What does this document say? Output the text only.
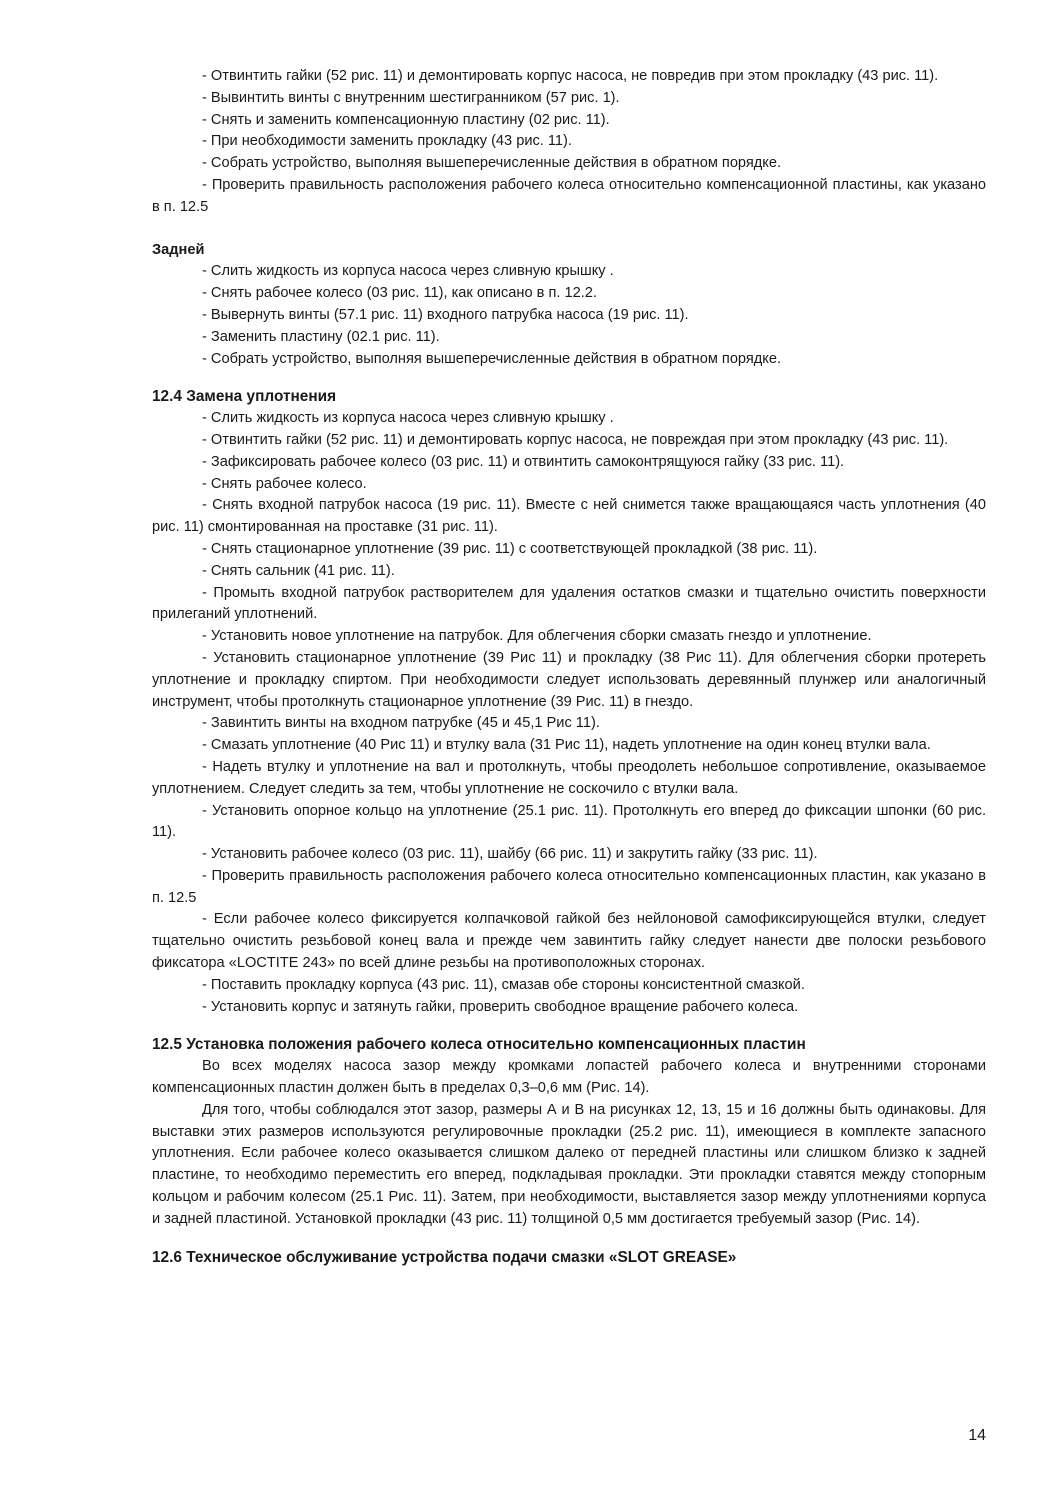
- Отвинтить гайки (52 рис. 11) и демонтировать корпус насоса, не повредив при этом прокладку (43 рис. 11).

- Вывинтить винты с внутренним шестигранником (57 рис. 1).

- Снять и заменить компенсационную пластину (02 рис. 11).

- При необходимости заменить прокладку (43 рис. 11).

- Собрать устройство, выполняя вышеперечисленные действия в обратном порядке.

- Проверить правильность расположения рабочего колеса относительно компенсационной пластины, как указано в п. 12.5

Задней

- Слить жидкость из корпуса насоса через сливную крышку .

- Снять рабочее колесо (03 рис. 11), как описано в п. 12.2.

- Вывернуть винты (57.1 рис. 11) входного патрубка насоса (19 рис. 11).

- Заменить пластину (02.1 рис. 11).

- Собрать устройство, выполняя вышеперечисленные действия в обратном порядке.

12.4 Замена уплотнения

- Слить жидкость из корпуса насоса через сливную крышку .

- Отвинтить гайки (52 рис. 11) и демонтировать корпус насоса, не повреждая при этом прокладку (43 рис. 11).

- Зафиксировать рабочее колесо (03 рис. 11) и отвинтить самоконтрящуюся гайку (33 рис. 11).

- Снять рабочее колесо.

- Снять входной патрубок насоса (19 рис. 11). Вместе с ней снимется также вращающаяся часть уплотнения (40 рис. 11) смонтированная на проставке (31 рис. 11).

- Снять стационарное уплотнение (39 рис. 11) с соответствующей прокладкой (38 рис. 11).

- Снять сальник (41 рис. 11).

- Промыть входной патрубок растворителем для удаления остатков смазки и тщательно очистить поверхности прилеганий уплотнений.

- Установить новое уплотнение на патрубок. Для облегчения сборки смазать гнездо и уплотнение.

- Установить стационарное уплотнение (39 Рис 11) и прокладку (38 Рис 11). Для облегчения сборки протереть уплотнение и прокладку спиртом. При необходимости следует использовать деревянный плунжер или аналогичный инструмент, чтобы протолкнуть стационарное уплотнение (39 Рис. 11) в гнездо.

- Завинтить винты на входном патрубке (45 и 45,1 Рис 11).

- Смазать уплотнение (40 Рис 11) и втулку вала (31 Рис 11), надеть уплотнение на один конец втулки вала.

- Надеть втулку и уплотнение на вал и протолкнуть, чтобы преодолеть небольшое сопротивление, оказываемое уплотнением. Следует следить за тем, чтобы уплотнение не соскочило с втулки вала.

- Установить опорное кольцо на уплотнение (25.1 рис. 11). Протолкнуть его вперед до фиксации шпонки (60 рис. 11).

- Установить рабочее колесо (03 рис. 11), шайбу (66 рис. 11) и закрутить гайку (33 рис. 11).

- Проверить правильность расположения рабочего колеса относительно компенсационных пластин, как указано в п. 12.5

- Если рабочее колесо фиксируется колпачковой гайкой без нейлоновой самофиксирующейся втулки, следует тщательно очистить резьбовой конец вала и прежде чем завинтить гайку следует нанести две полоски резьбового фиксатора «LOCTITE 243» по всей длине резьбы на противоположных сторонах.

- Поставить прокладку корпуса (43 рис. 11), смазав обе стороны консистентной смазкой.

- Установить корпус и затянуть гайки, проверить свободное вращение рабочего колеса.

12.5 Установка положения рабочего колеса относительно компенсационных пластин

Во всех моделях насоса зазор между кромками лопастей рабочего колеса и внутренними сторонами компенсационных пластин должен быть в пределах 0,3–0,6 мм (Рис. 14).

Для того, чтобы соблюдался этот зазор, размеры А и В на рисунках 12, 13, 15 и 16 должны быть одинаковы. Для выставки этих размеров используются регулировочные прокладки (25.2 рис. 11), имеющиеся в комплекте запасного уплотнения. Если рабочее колесо оказывается слишком далеко от передней пластины или слишком близко к задней пластине, то необходимо переместить его вперед, подкладывая прокладки. Эти прокладки ставятся между стопорным кольцом и рабочим колесом (25.1 Рис. 11). Затем, при необходимости, выставляется зазор между уплотнениями корпуса и задней пластиной. Установкой прокладки (43 рис. 11) толщиной 0,5 мм достигается требуемый зазор (Рис. 14).

12.6 Техническое обслуживание устройства подачи смазки «SLOT GREASE»

14
